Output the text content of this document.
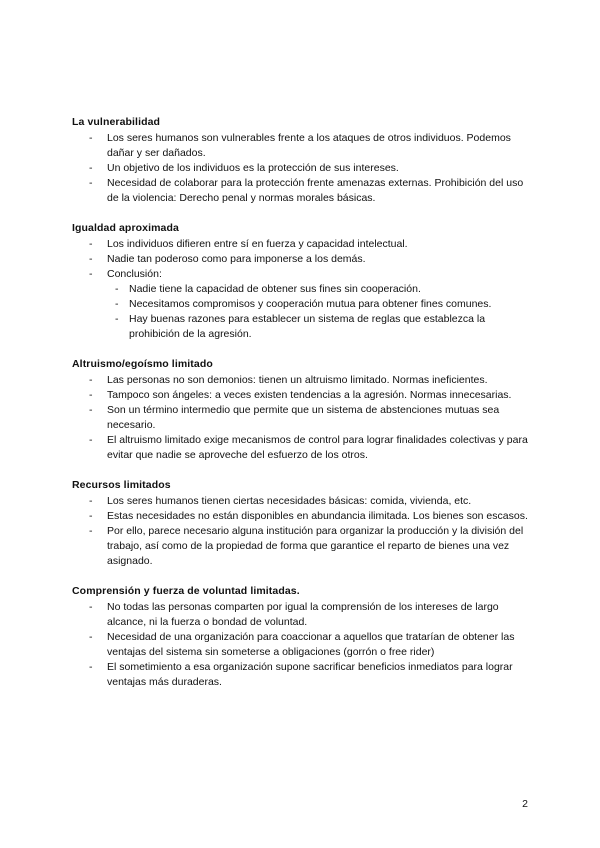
La vulnerabilidad
- Los seres humanos son vulnerables frente a los ataques de otros individuos. Podemos dañar y ser dañados.
- Un objetivo de los individuos es la protección de sus intereses.
- Necesidad de colaborar para la protección frente amenazas externas. Prohibición del uso de la violencia: Derecho penal y normas morales básicas.
Igualdad aproximada
- Los individuos difieren entre sí en fuerza y capacidad intelectual.
- Nadie tan poderoso como para imponerse a los demás.
- Conclusión:
- Nadie tiene la capacidad de obtener sus fines sin cooperación.
- Necesitamos compromisos y cooperación mutua para obtener fines comunes.
- Hay buenas razones para establecer un sistema de reglas que establezca la prohibición de la agresión.
Altruismo/egoísmo limitado
- Las personas no son demonios: tienen un altruismo limitado. Normas ineficientes.
- Tampoco son ángeles: a veces existen tendencias a la agresión. Normas innecesarias.
- Son un término intermedio que permite que un sistema de abstenciones mutuas sea necesario.
- El altruismo limitado exige mecanismos de control para lograr finalidades colectivas y para evitar que nadie se aproveche del esfuerzo de los otros.
Recursos limitados
- Los seres humanos tienen ciertas necesidades básicas: comida, vivienda, etc.
- Estas necesidades no están disponibles en abundancia ilimitada. Los bienes son escasos.
- Por ello, parece necesario alguna institución para organizar la producción y la división del trabajo, así como de la propiedad de forma que garantice el reparto de bienes una vez asignado.
Comprensión y fuerza de voluntad limitadas.
- No todas las personas comparten por igual la comprensión de los intereses de largo alcance, ni la fuerza o bondad de voluntad.
- Necesidad de una organización para coaccionar a aquellos que tratarían de obtener las ventajas del sistema sin someterse a obligaciones (gorrón o free rider)
- El sometimiento a esa organización supone sacrificar beneficios inmediatos para lograr ventajas más duraderas.
2
